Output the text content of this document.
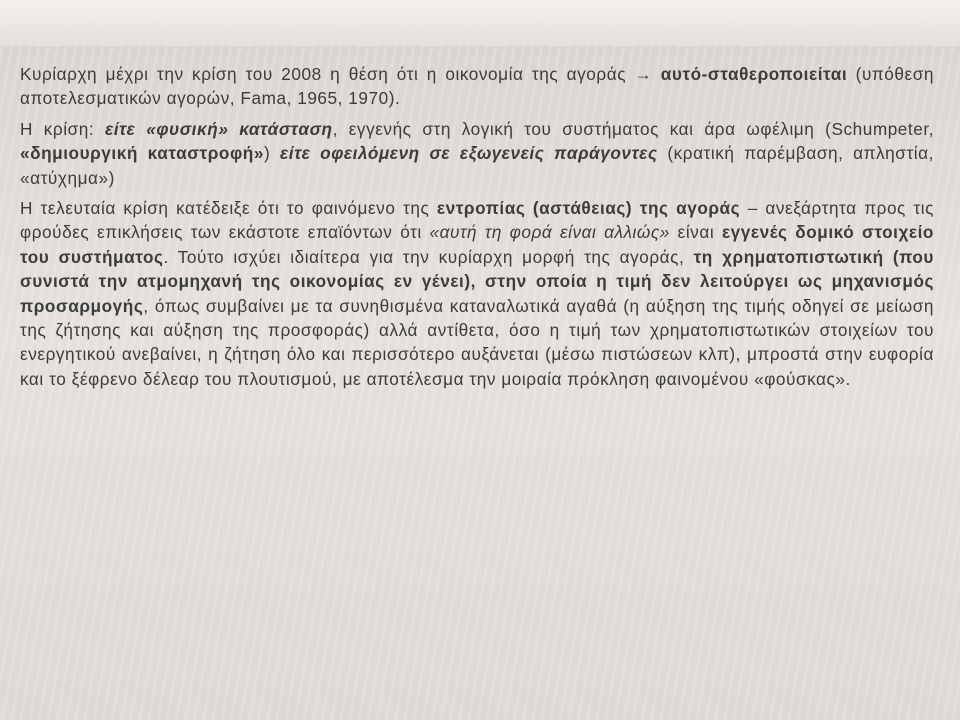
Κυρίαρχη μέχρι την κρίση του 2008 η θέση ότι η οικονομία της αγοράς → αυτό-σταθεροποιείται (υπόθεση αποτελεσματικών αγορών, Fama, 1965, 1970).

Η κρίση: είτε «φυσική» κατάσταση, εγγενής στη λογική του συστήματος και άρα ωφέλιμη (Schumpeter, «δημιουργική καταστροφή») είτε οφειλόμενη σε εξωγενείς παράγοντες (κρατική παρέμβαση, απληστία, «ατύχημα»)

Η τελευταία κρίση κατέδειξε ότι το φαινόμενο της εντροπίας (αστάθειας) της αγοράς – ανεξάρτητα προς τις φρούδες επικλήσεις των εκάστοτε επαϊόντων ότι «αυτή τη φορά είναι αλλιώς» είναι εγγενές δομικό στοιχείο του συστήματος. Τούτο ισχύει ιδιαίτερα για την κυρίαρχη μορφή της αγοράς, τη χρηματοπιστωτική (που συνιστά την ατμομηχανή της οικονομίας εν γένει), στην οποία η τιμή δεν λειτούργει ως μηχανισμός προσαρμογής, όπως συμβαίνει με τα συνηθισμένα καταναλωτικά αγαθά (η αύξηση της τιμής οδηγεί σε μείωση της ζήτησης και αύξηση της προσφοράς) αλλά αντίθετα, όσο η τιμή των χρηματοπιστωτικών στοιχείων του ενεργητικού ανεβαίνει, η ζήτηση όλο και περισσότερο αυξάνεται (μέσω πιστώσεων κλπ), μπροστά στην ευφορία και το ξέφρενο δέλεαρ του πλουτισμού, με αποτέλεσμα την μοιραία πρόκληση φαινομένου «φούσκας».
